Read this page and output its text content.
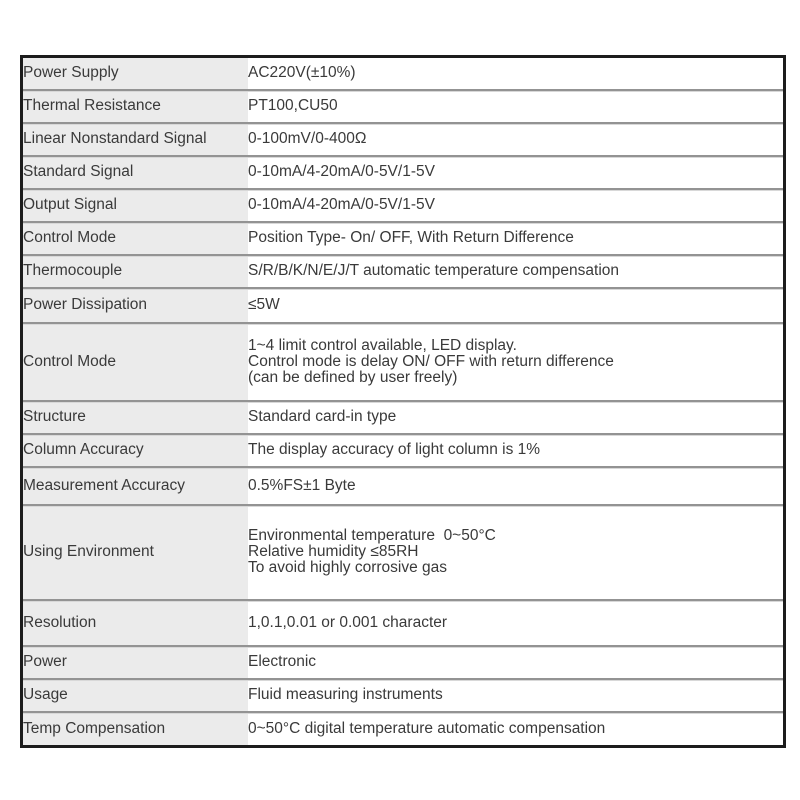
Power Supply	AC220V(±10%)
Thermal Resistance	PT100,CU50
Linear Nonstandard Signal	0-100mV/0-400Ω
Standard Signal	0-10mA/4-20mA/0-5V/1-5V
Output Signal	0-10mA/4-20mA/0-5V/1-5V
Control Mode	Position Type- On/ OFF, With Return Difference
Thermocouple	S/R/B/K/N/E/J/T automatic temperature compensation
Power Dissipation	≤5W
Control Mode	1~4 limit control available, LED display.
Control mode is delay ON/ OFF with return difference
(can be defined by user freely)

Structure	Standard card-in type
Column Accuracy	The display accuracy of light column is 1%
Measurement Accuracy	0.5%FS±1 Byte
Using Environment	Environmental temperature  0~50°C
Relative humidity ≤85RH
To avoid highly corrosive gas

Resolution	1,0.1,0.01 or 0.001 character
Power	Electronic
Usage	Fluid measuring instruments
Temp Compensation	0~50°C digital temperature automatic compensation
